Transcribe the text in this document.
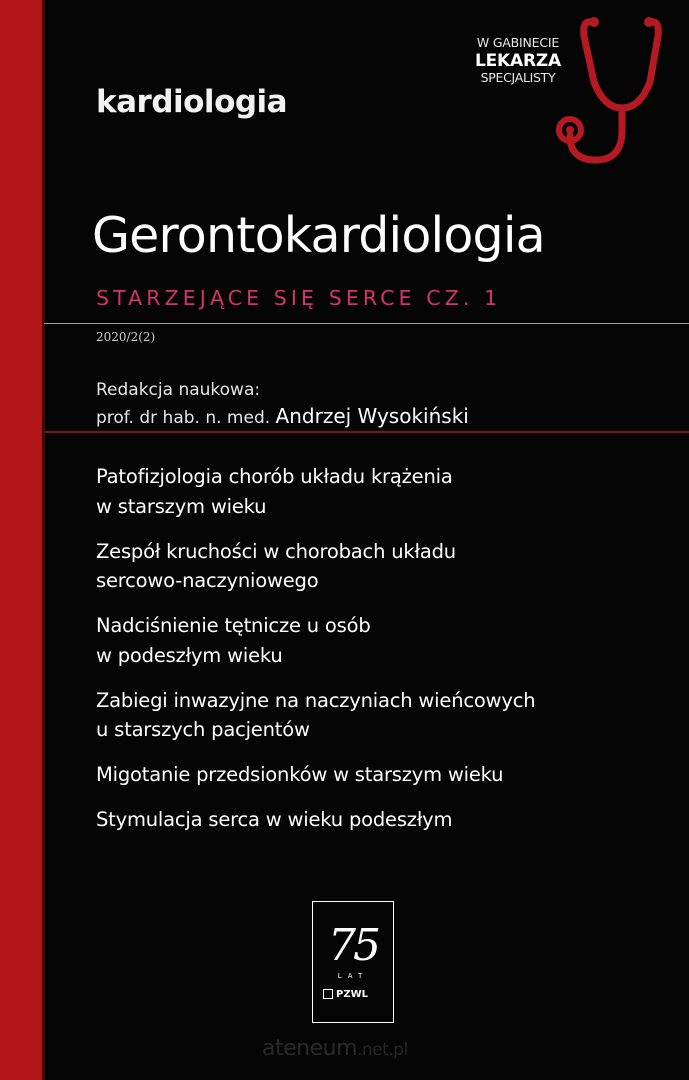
kardiologia
W GABINECIE
LEKARZA
SPECJALISTY
Gerontokardiologia
STARZEJĄCE SIĘ SERCE CZ. 1
2020/2(2)
Redakcja naukowa:
prof. dr hab. n. med. Andrzej Wysokiński
Patofizjologia chorób układu krążenia
w starszym wieku
Zespół kruchości w chorobach układu
sercowo-naczyniowego
Nadciśnienie tętnicze u osób
w podeszłym wieku
Zabiegi inwazyjne na naczyniach wieńcowych
u starszych pacjentów
Migotanie przedsionków w starszym wieku
Stymulacja serca w wieku podeszłym
75
LAT
PZWL
ateneum.net.pl
